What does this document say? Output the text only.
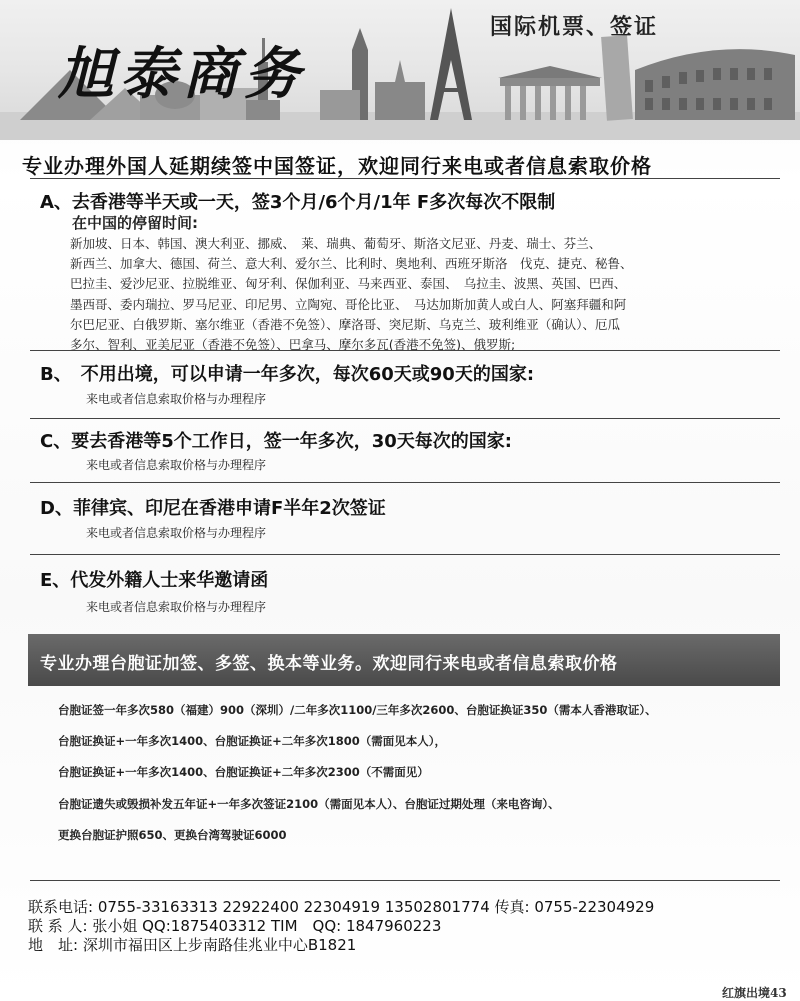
旭泰商务
国际机票、签证
专业办理外国人延期续签中国签证，欢迎同行来电或者信息索取价格
A、去香港等半天或一天，签3个月/6个月/1年 F多次每次不限制
在中国的停留时间:
新加坡、日本、韩国、澳大利亚、挪威、　莱、瑞典、葡萄牙、斯洛文尼亚、丹麦、瑞士、芬兰、
新西兰、加拿大、德国、荷兰、意大利、爱尔兰、比利时、奥地利、西班牙斯洛　伐克、捷克、秘鲁、
巴拉圭、爱沙尼亚、拉脱维亚、匈牙利、保伽利亚、马来西亚、泰国、　乌拉圭、波黑、英国、巴西、
墨西哥、委内瑞拉、罗马尼亚、印尼男、立陶宛、哥伦比亚、　马达加斯加黄人或白人、阿塞拜疆和阿
尔巴尼亚、白俄罗斯、塞尔维亚（香港不免签）、摩洛哥、突尼斯、乌克兰、玻利维亚（确认）、厄瓜
多尔、智利、亚美尼亚（香港不免签）、巴拿马、摩尔多瓦(香港不免签)、俄罗斯;
B、　不用出境，可以申请一年多次，每次60天或90天的国家:
来电或者信息索取价格与办理程序
C、要去香港等5个工作日，签一年多次，30天每次的国家:
来电或者信息索取价格与办理程序
D、菲律宾、印尼在香港申请F半年2次签证
来电或者信息索取价格与办理程序
E、代发外籍人士来华邀请函
来电或者信息索取价格与办理程序
专业办理台胞证加签、多签、换本等业务。欢迎同行来电或者信息索取价格
台胞证签一年多次580（福建）900（深圳）/二年多次1100/三年多次2600、台胞证换证350（需本人香港取证）、
台胞证换证+一年多次1400、台胞证换证+二年多次1800（需面见本人），
台胞证换证+一年多次1400、台胞证换证+二年多次2300（不需面见）
台胞证遗失或毁损补发五年证+一年多次签证2100（需面见本人）、台胞证过期处理（来电咨询）、
更换台胞证护照650、更换台湾驾驶证6000
联系电话: 0755-33163313 22922400 22304919 13502801774 传真: 0755-22304929
联 系 人: 张小姐 QQ:1875403312 TIM　QQ: 1847960223
地　址: 深圳市福田区上步南路佳兆业中心B1821
红旗出境43
